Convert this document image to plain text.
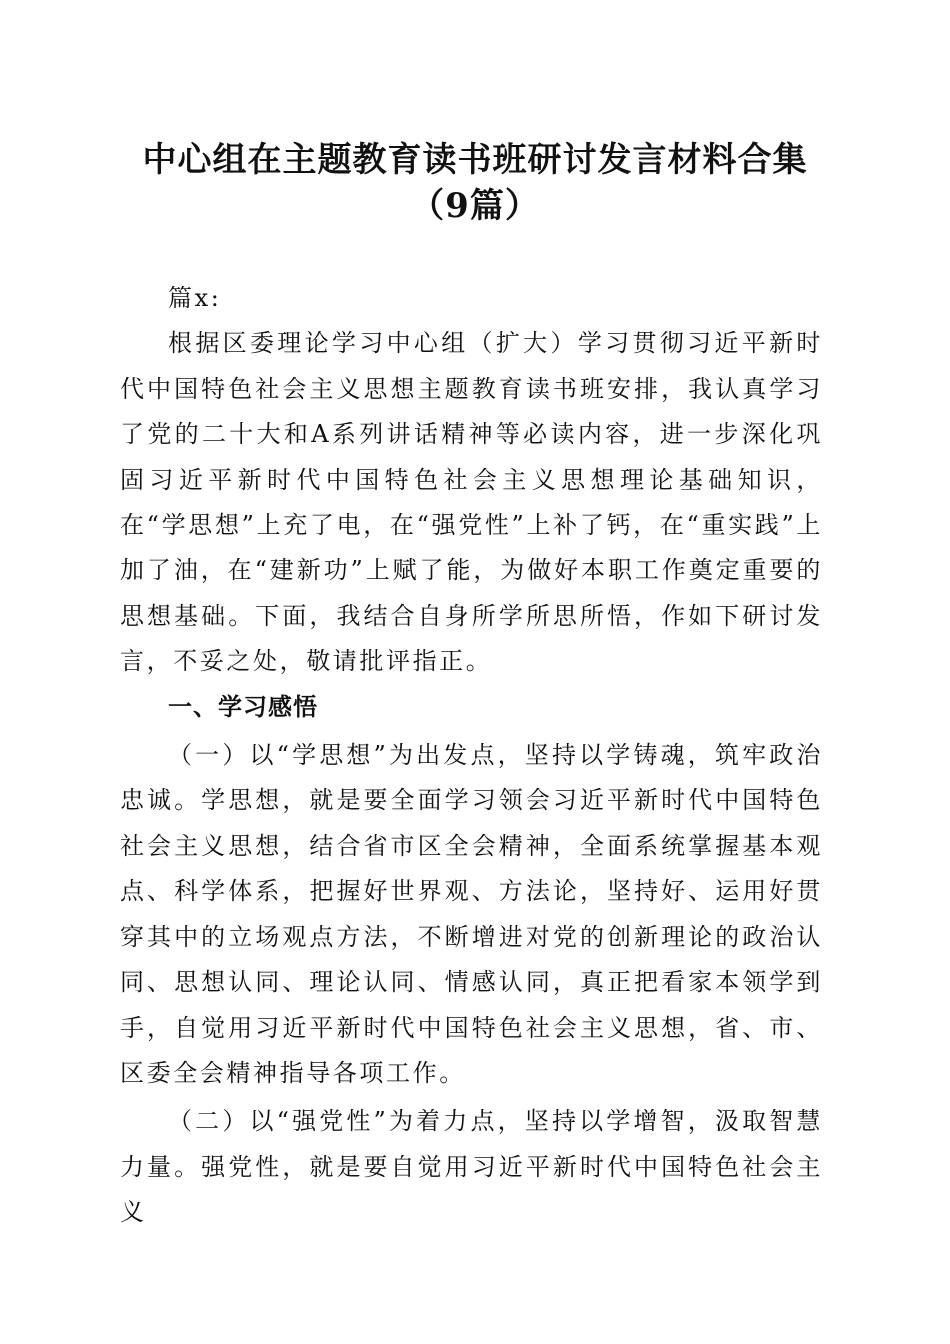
中心组在主题教育读书班研讨发言材料合集
（9篇）

篇x:

根据区委理论学习中心组（扩大）学习贯彻习近平新时代中国特色社会主义思想主题教育读书班安排，我认真学习了党的二十大和A系列讲话精神等必读内容，进一步深化巩固习近平新时代中国特色社会主义思想理论基础知识，在“学思想”上充了电，在“强党性”上补了钙，在“重实践”上加了油，在“建新功”上赋了能，为做好本职工作奠定重要的思想基础。下面，我结合自身所学所思所悟，作如下研讨发言，不妥之处，敬请批评指正。

一、学习感悟

（一）以“学思想”为出发点，坚持以学铸魂，筑牢政治忠诚。学思想，就是要全面学习领会习近平新时代中国特色社会主义思想，结合省市区全会精神，全面系统掌握基本观点、科学体系，把握好世界观、方法论，坚持好、运用好贯穿其中的立场观点方法，不断增进对党的创新理论的政治认同、思想认同、理论认同、情感认同，真正把看家本领学到手，自觉用习近平新时代中国特色社会主义思想，省、市、区委全会精神指导各项工作。

（二）以“强党性”为着力点，坚持以学增智，汲取智慧力量。强党性，就是要自觉用习近平新时代中国特色社会主义
